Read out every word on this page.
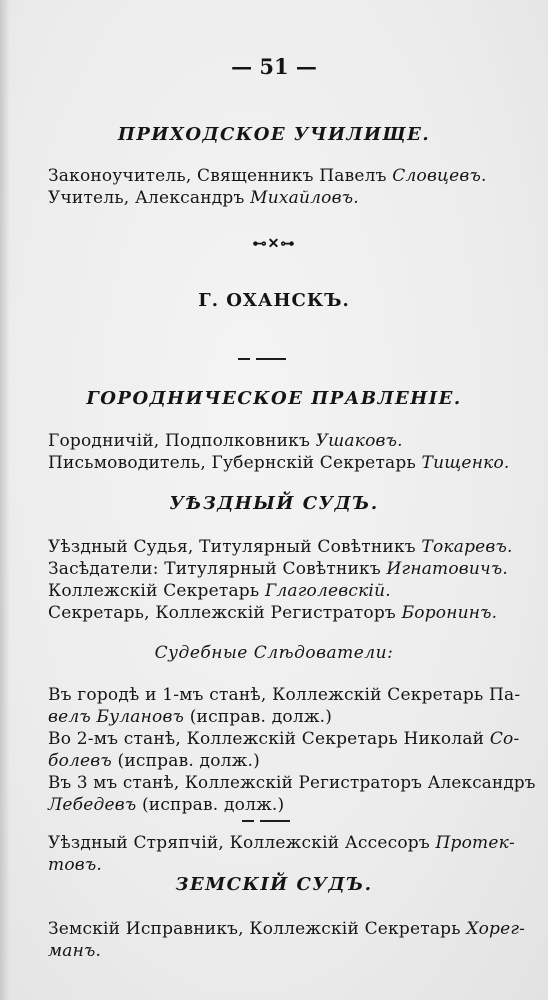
— 51 —
ПРИХОДСКОЕ УЧИЛИЩЕ.
Законоучитель, Священникъ Павелъ Словцевъ.
Учитель, Александръ Михайловъ.
⊷✕⊶
Г. ОХАНСКЪ.
ГОРОДНИЧЕСКОЕ ПРАВЛЕНІЕ.
Городничій, Подполковникъ Ушаковъ.
Письмоводитель, Губернскій Секретарь Тищенко.
УѢЗДНЫЙ СУДЪ.
Уѣздный Судья, Титулярный Совѣтникъ Токаревъ.
Засѣдатели: Титулярный Совѣтникъ Игнатовичъ.
Коллежскій Секретарь Глаголевскій.
Секретарь, Коллежскій Регистраторъ Боронинъ.
Судебные Слѣдователи:
Въ городѣ и 1-мъ станѣ, Коллежскій Секретарь Па-
велъ Булановъ (исправ. долж.)
Во 2-мъ станѣ, Коллежскій Секретарь Николай Со-
болевъ (исправ. долж.)
Въ 3 мъ станѣ, Коллежскій Регистраторъ Александръ
Лебедевъ (исправ. долж.)
Уѣздный Стряпчій, Коллежскій Ассесоръ Протек-
товъ.
ЗЕМСКІЙ СУДЪ.
Земскій Исправникъ, Коллежскій Секретарь Хорег-
манъ.
